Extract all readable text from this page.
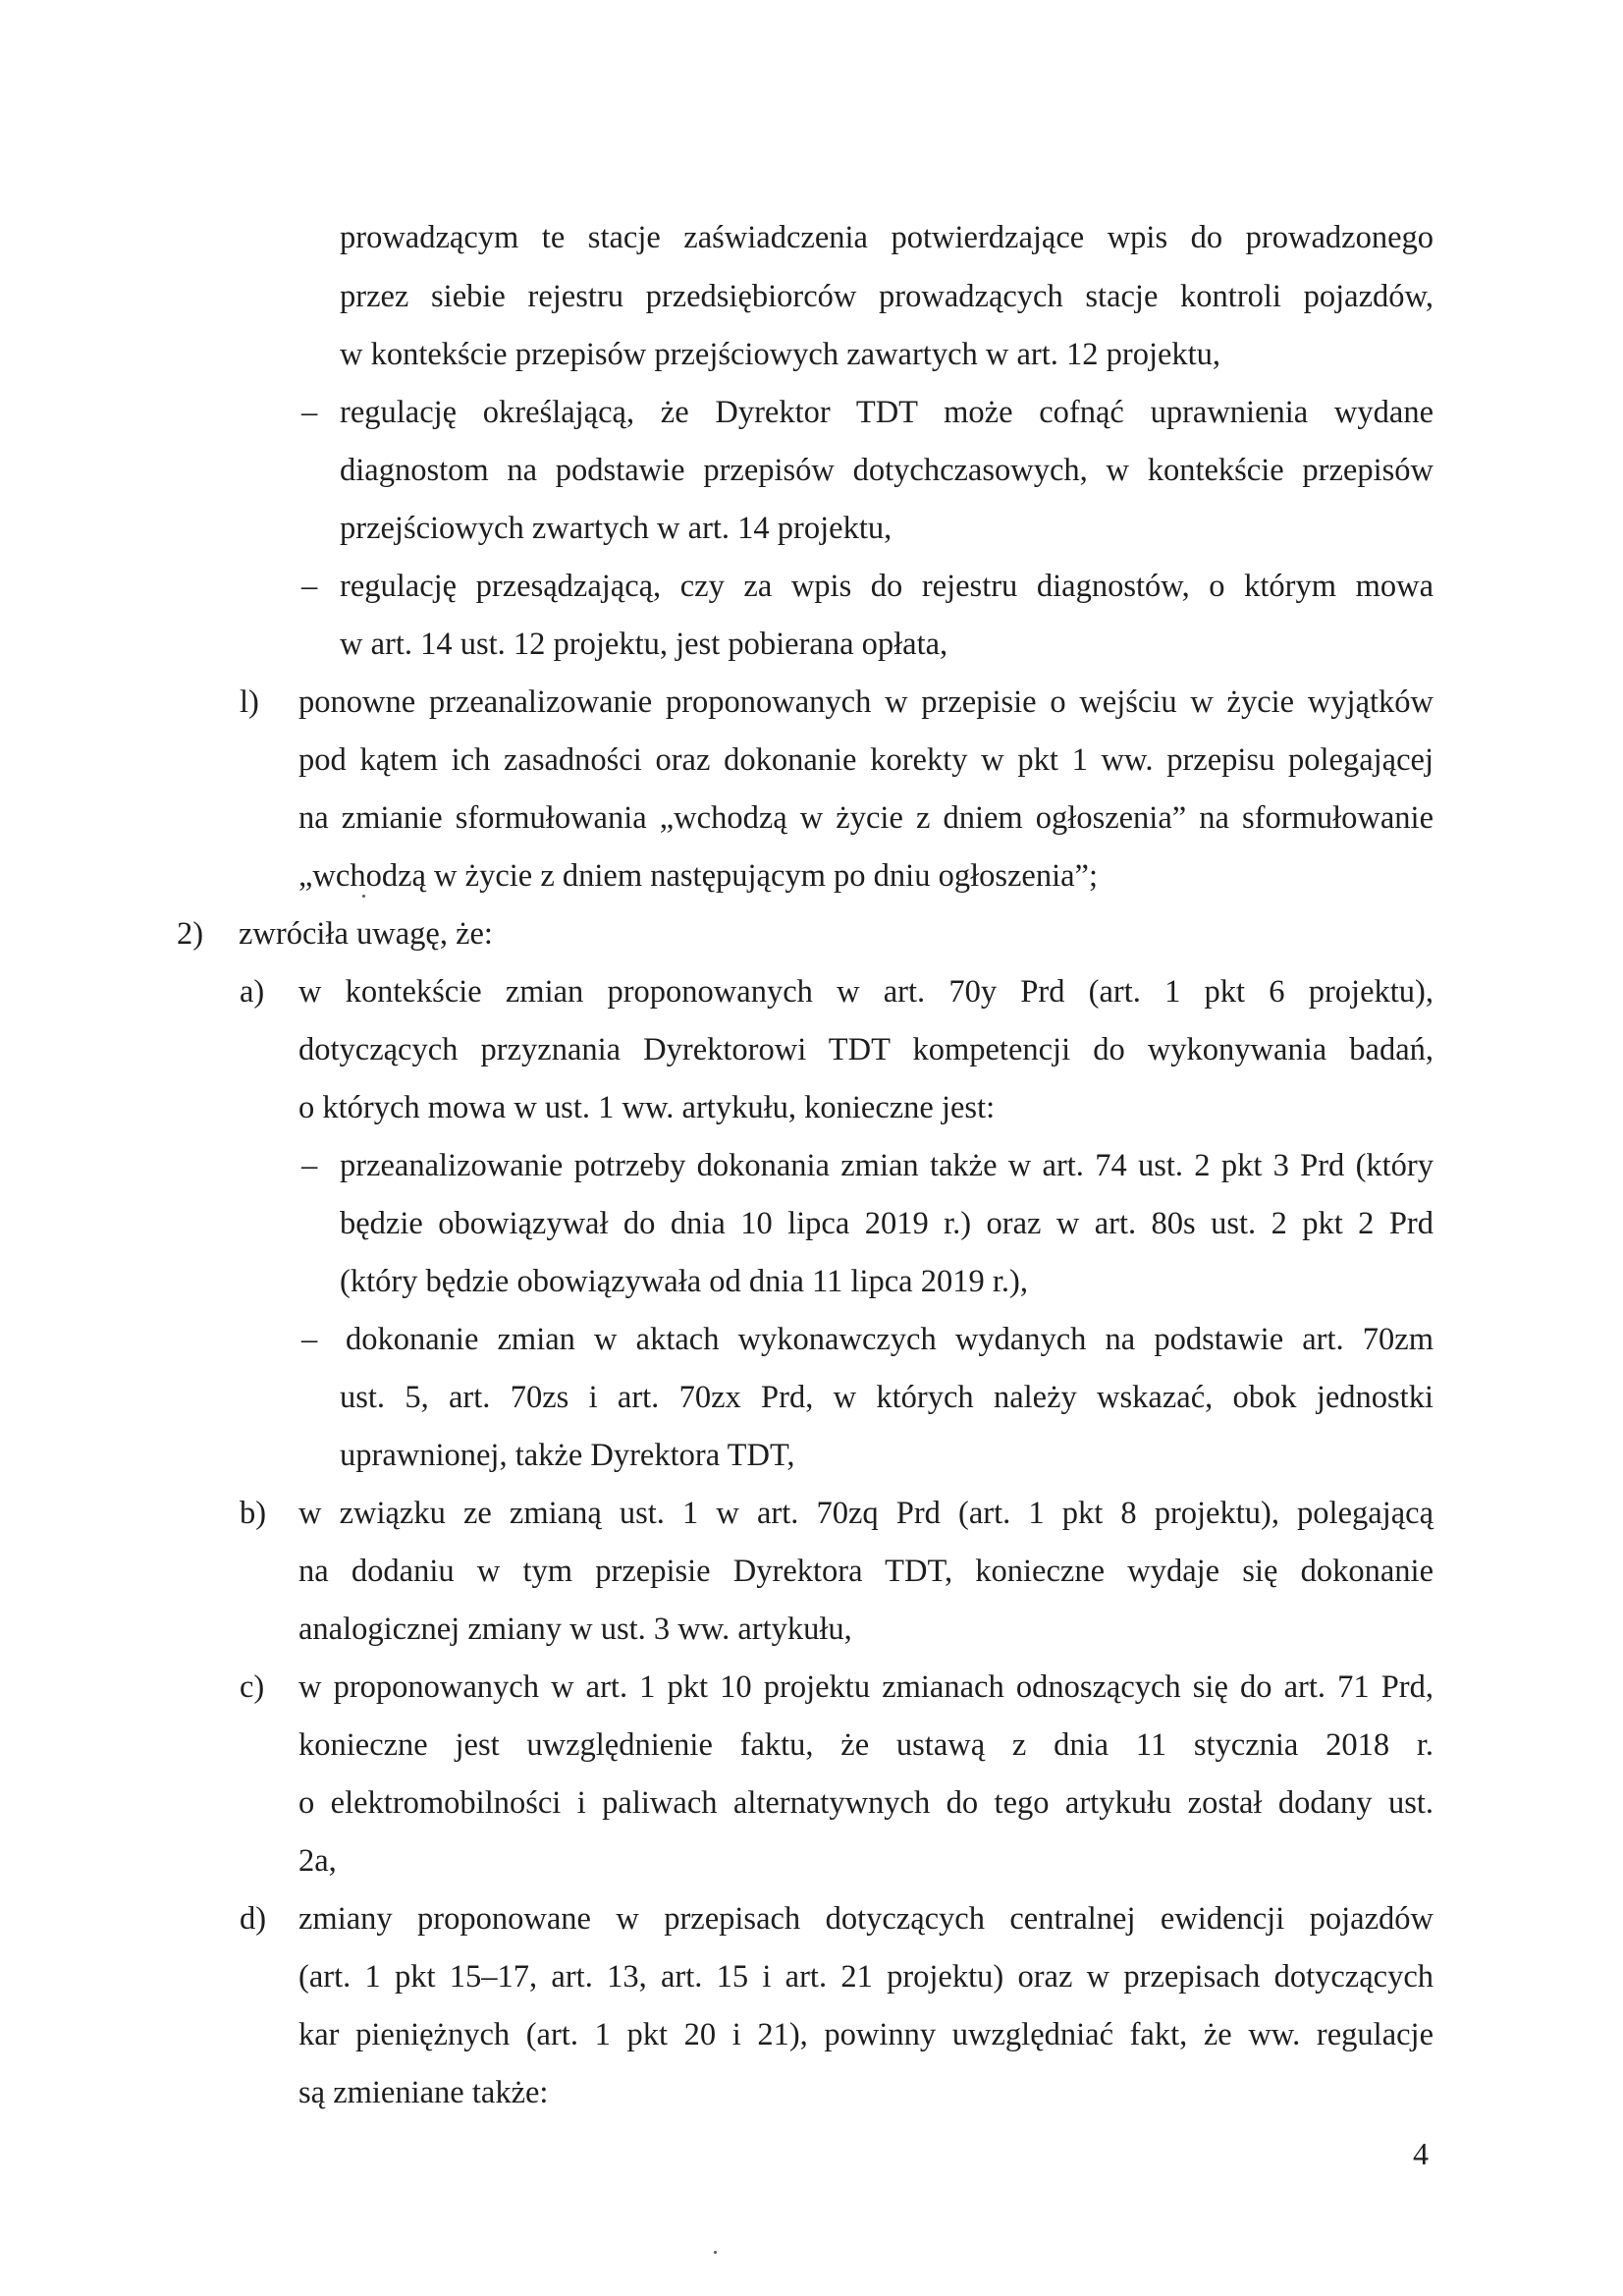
prowadzącym te stacje zaświadczenia potwierdzające wpis do prowadzonego

przez siebie rejestru przedsiębiorców prowadzących stacje kontroli pojazdów,

w kontekście przepisów przejściowych zawartych w art. 12 projektu,

– regulację określającą, że Dyrektor TDT może cofnąć uprawnienia wydane

diagnostom na podstawie przepisów dotychczasowych, w kontekście przepisów

przejściowych zwartych w art. 14 projektu,

– regulację przesądzającą, czy za wpis do rejestru diagnostów, o którym mowa

w art. 14 ust. 12 projektu, jest pobierana opłata,

l) ponowne przeanalizowanie proponowanych w przepisie o wejściu w życie wyjątków

pod kątem ich zasadności oraz dokonanie korekty w pkt 1 ww. przepisu polegającej

na zmianie sformułowania „wchodzą w życie z dniem ogłoszenia” na sformułowanie

„wchodzą w życie z dniem następującym po dniu ogłoszenia”;

2) zwróciła uwagę, że:

a) w kontekście zmian proponowanych w art. 70y Prd (art. 1 pkt 6 projektu),

dotyczących przyznania Dyrektorowi TDT kompetencji do wykonywania badań,

o których mowa w ust. 1 ww. artykułu, konieczne jest:

– przeanalizowanie potrzeby dokonania zmian także w art. 74 ust. 2 pkt 3 Prd (który

będzie obowiązywał do dnia 10 lipca 2019 r.) oraz w art. 80s ust. 2 pkt 2 Prd

(który będzie obowiązywała od dnia 11 lipca 2019 r.),

– dokonanie zmian w aktach wykonawczych wydanych na podstawie art. 70zm

ust. 5, art. 70zs i art. 70zx Prd, w których należy wskazać, obok jednostki

uprawnionej, także Dyrektora TDT,

b) w związku ze zmianą ust. 1 w art. 70zq Prd (art. 1 pkt 8 projektu), polegającą

na dodaniu w tym przepisie Dyrektora TDT, konieczne wydaje się dokonanie

analogicznej zmiany w ust. 3 ww. artykułu,

c) w proponowanych w art. 1 pkt 10 projektu zmianach odnoszących się do art. 71 Prd,

konieczne jest uwzględnienie faktu, że ustawą z dnia 11 stycznia 2018 r.

o elektromobilności i paliwach alternatywnych do tego artykułu został dodany ust.

2a,

d) zmiany proponowane w przepisach dotyczących centralnej ewidencji pojazdów

(art. 1 pkt 15–17, art. 13, art. 15 i art. 21 projektu) oraz w przepisach dotyczących

kar pieniężnych (art. 1 pkt 20 i 21), powinny uwzględniać fakt, że ww. regulacje

są zmieniane także:

4
